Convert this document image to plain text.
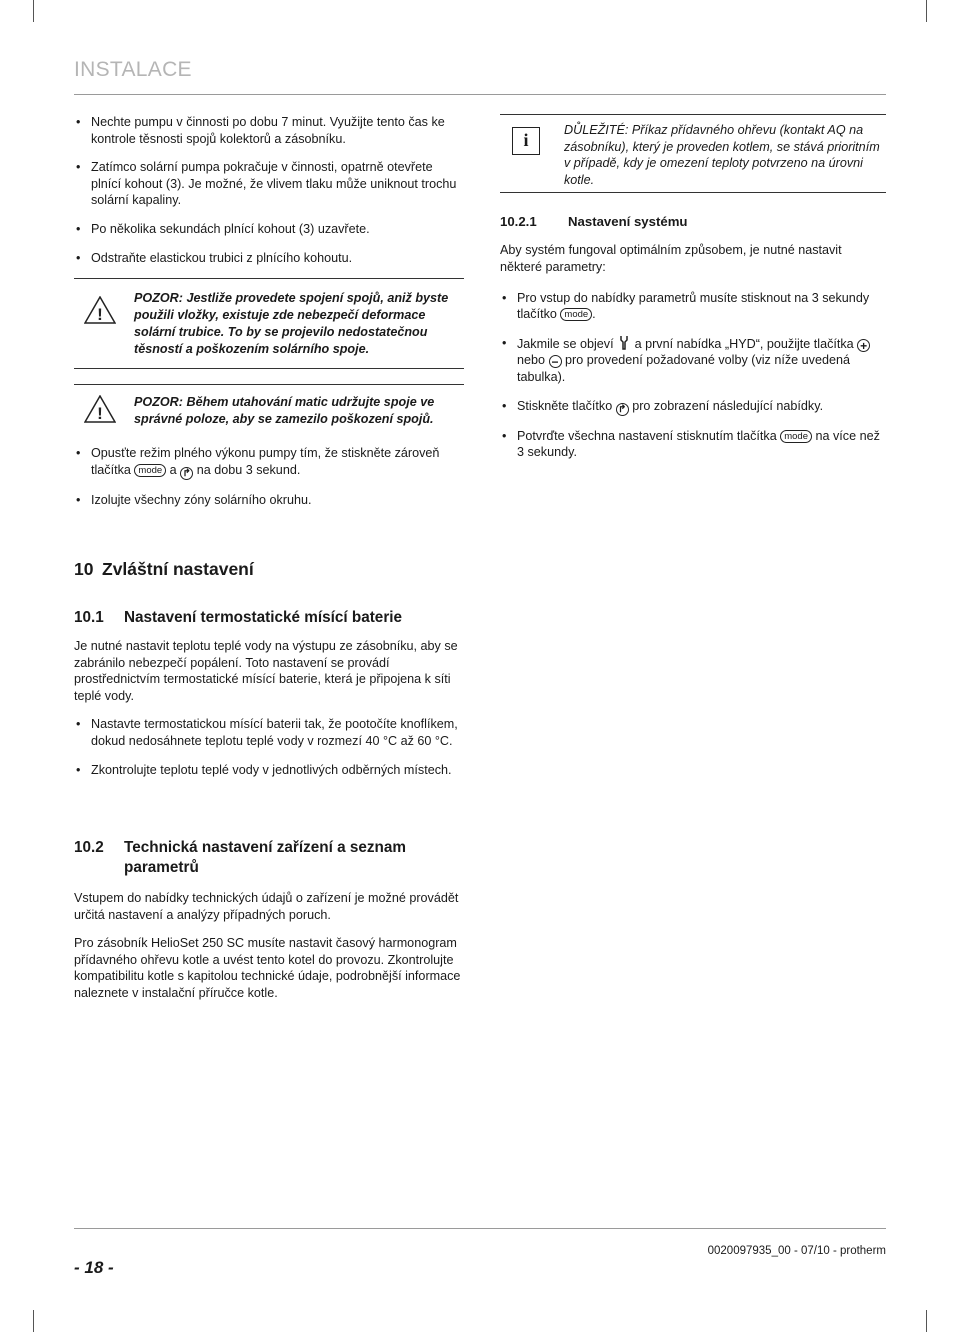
INSTALACE
• Nechte pumpu v činnosti po dobu 7 minut. Využijte tento čas ke kontrole těsnosti spojů kolektorů a zásobníku.
• Zatímco solární pumpa pokračuje v činnosti, opatrně otevřete plnící kohout (3). Je možné, že vlivem tlaku může uniknout trochu solární kapaliny.
• Po několika sekundách plnící kohout (3) uzavřete.
• Odstraňte elastickou trubici z plnícího kohoutu.
!
POZOR: Jestliže provedete spojení spojů, aniž byste použili vložky, existuje zde nebezpečí deformace solární trubice. To by se projevilo nedostatečnou těsností a poškozením solárního spoje.
!
POZOR: Během utahování matic udržujte spoje ve správné poloze, aby se zamezilo poškození spojů.
• Opusťte režim plného výkonu pumpy tím, že stiskněte zároveň tlačítka mode a ↱ na dobu 3 sekund.
• Izolujte všechny zóny solárního okruhu.
10 Zvláštní nastavení
10.1 Nastavení termostatické mísící baterie

Je nutné nastavit teplotu teplé vody na výstupu ze zásobníku, aby se zabránilo nebezpečí popálení. Toto nastavení se provádí prostřednictvím termostatické mísící baterie, která je připojena k síti teplé vody.

• Nastavte termostatickou mísící baterii tak, že pootočíte knoflíkem, dokud nedosáhnete teplotu teplé vody v rozmezí 40 °C až 60 °C.
• Zkontrolujte teplotu teplé vody v jednotlivých odběrných místech.
10.2	Technická nastavení zařízení a seznam parametrů

Vstupem do nabídky technických údajů o zařízení je možné provádět určitá nastavení a analýzy případných poruch.

Pro zásobník HelioSet 250 SC musíte nastavit časový harmonogram přídavného ohřevu kotle a uvést tento kotel do provozu. Zkontrolujte kompatibilitu kotle s kapitolou technické údaje, podrobnější informace naleznete v instalační příručce kotle.

i	DŮLEŽITÉ: Příkaz přídavného ohřevu (kontakt AQ na zásobníku), který je proveden kotlem, se stává prioritním v případě, kdy je omezení teploty potvrzeno na úrovni kotle.
10.2.1 Nastavení systému

Aby systém fungoval optimálním způsobem, je nutné nastavit některé parametry:

• Pro vstup do nabídky parametrů musíte stisknout na 3 sekundy tlačítko mode .
• Jakmile se objeví a první nabídka „HYD“, použijte tlačítka + nebo − pro provedení požadované volby (viz níže uvedená tabulka).
• Stiskněte tlačítko ↱ pro zobrazení následující nabídky.
• Potvrďte všechna nastavení stisknutím tlačítka mode na více než 3 sekundy.
- 18 -
0020097935_00 - 07/10 - protherm
